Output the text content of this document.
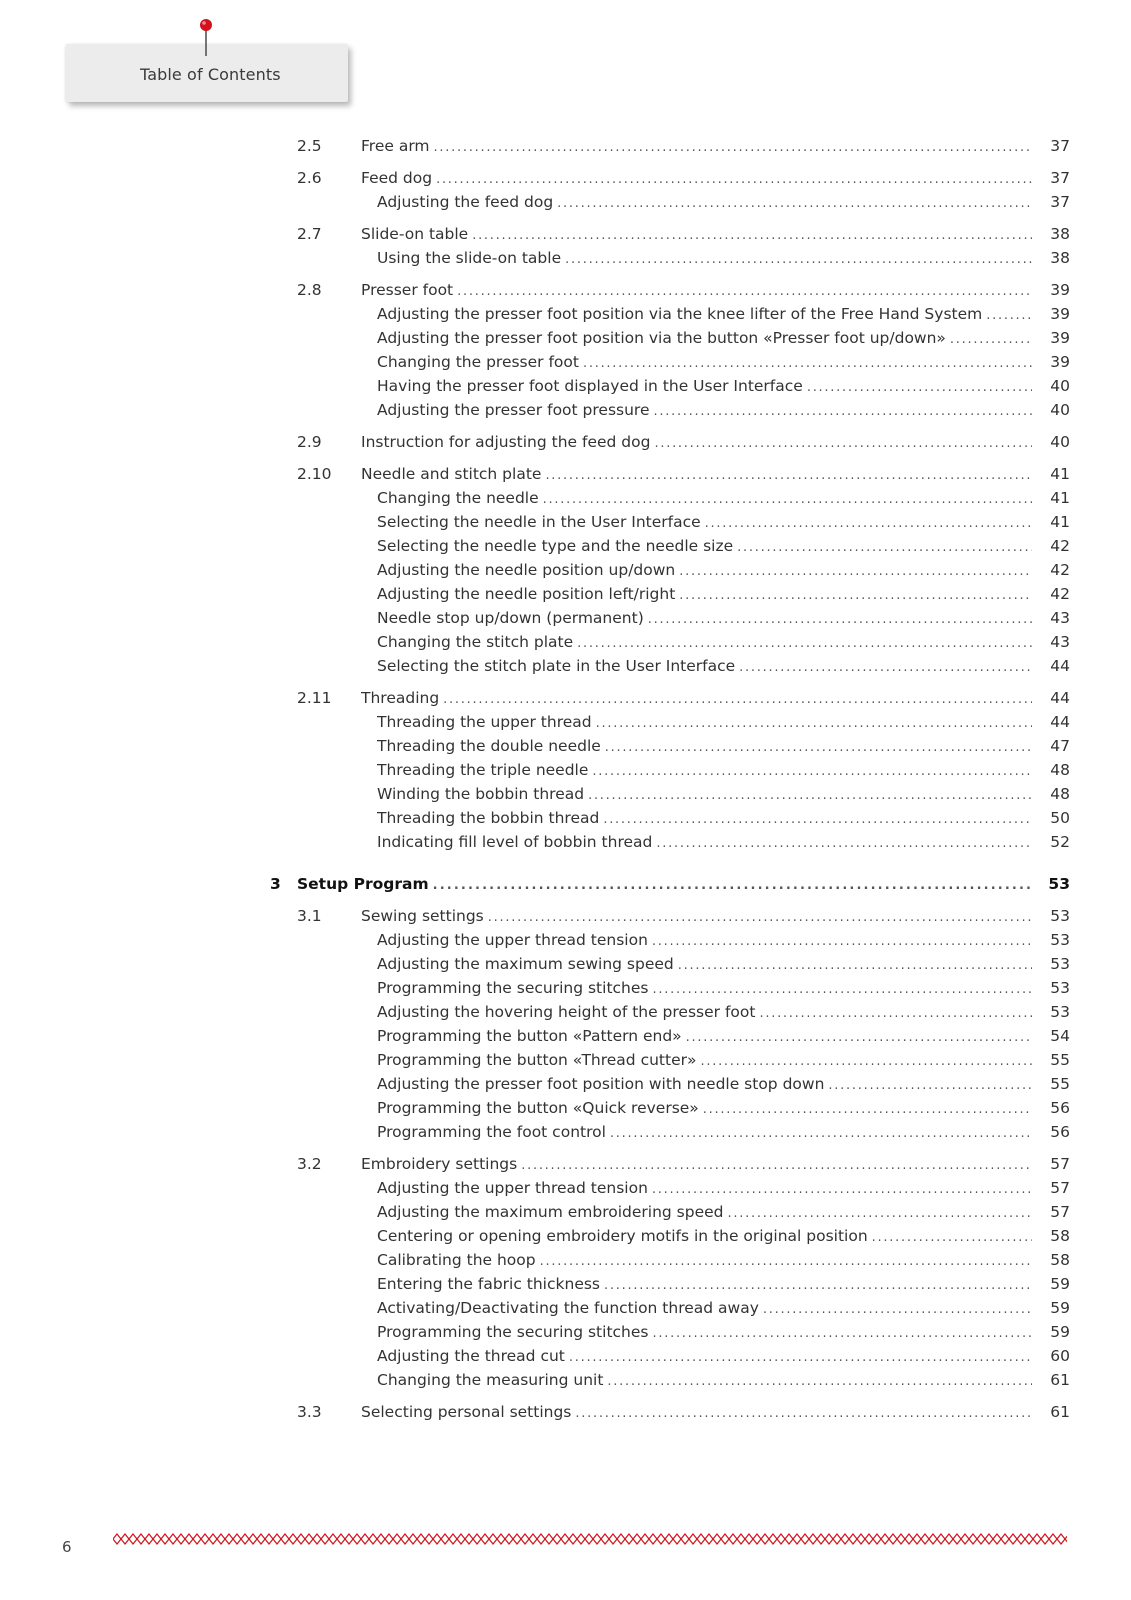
Table of Contents
2.5	Free arm . . .	37
2.6	Feed dog . . .	37
Adjusting the feed dog . . .	37
2.7	Slide-on table . . .	38
Using the slide-on table . . .	38
2.8	Presser foot . . .	39
Adjusting the presser foot position via the knee lifter of the Free Hand System . . .	39
Adjusting the presser foot position via the button «Presser foot up/down» . . .	39
Changing the presser foot . . .	39
Having the presser foot displayed in the User Interface . . .	40
Adjusting the presser foot pressure . . .	40
2.9	Instruction for adjusting the feed dog . . .	40
2.10 Needle and stitch plate . . .	41
Changing the needle . . .	41
Selecting the needle in the User Interface . . .	41
Selecting the needle type and the needle size . . .	42
Adjusting the needle position up/down . . .	42
Adjusting the needle position left/right . . .	42
Needle stop up/down (permanent) . . .	43
Changing the stitch plate . . .	43
Selecting the stitch plate in the User Interface . . .	44
2.11 Threading . . .	44
Threading the upper thread . . .	44
Threading the double needle . . .	47
Threading the triple needle . . .	48
Winding the bobbin thread . . .	48
Threading the bobbin thread . . .	50
Indicating fill level of bobbin thread . . .	52
3 Setup Program . . .	53
3.1	Sewing settings . . .	53
Adjusting the upper thread tension . . .	53
Adjusting the maximum sewing speed . . .	53
Programming the securing stitches . . .	53
Adjusting the hovering height of the presser foot . . .	53
Programming the button «Pattern end» . . .	54
Programming the button «Thread cutter» . . .	55
Adjusting the presser foot position with needle stop down . . .	55
Programming the button «Quick reverse» . . .	56
Programming the foot control . . .	56
3.2	Embroidery settings . . .	57
Adjusting the upper thread tension . . .	57
Adjusting the maximum embroidering speed . . .	57
Centering or opening embroidery motifs in the original position . . .	58
Calibrating the hoop . . .	58
Entering the fabric thickness . . .	59
Activating/Deactivating the function thread away . . .	59
Programming the securing stitches . . .	59
Adjusting the thread cut . . .	60
Changing the measuring unit . . .	61
3.3	Selecting personal settings . . .	61
6
